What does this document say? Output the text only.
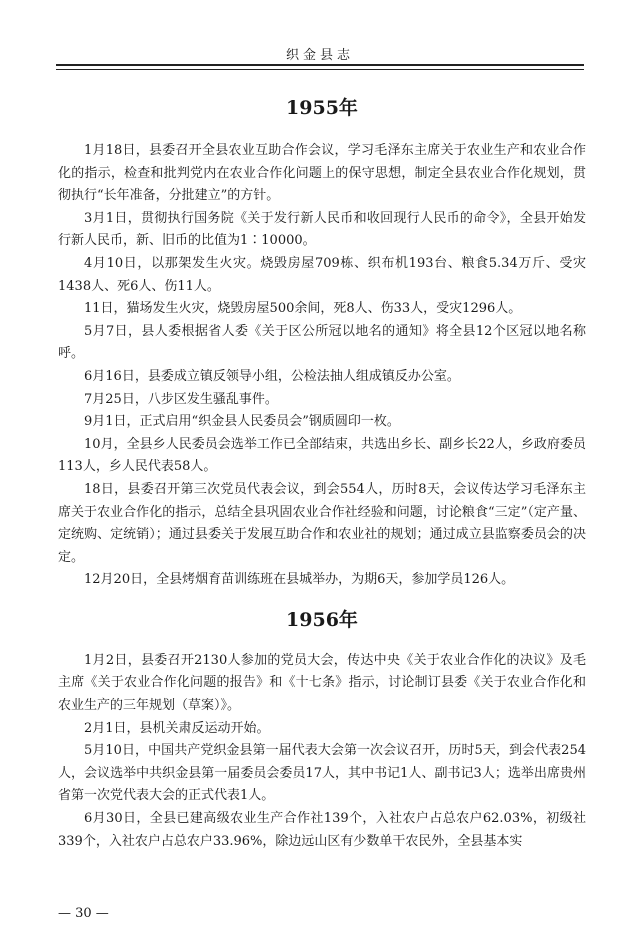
织金县志
1955年

1月18日，县委召开全县农业互助合作会议，学习毛泽东主席关于农业生产和农业合作化的指示，检查和批判党内在农业合作化问题上的保守思想，制定全县农业合作化规划，贯彻执行“长年准备，分批建立”的方针。

3月1日，贯彻执行国务院《关于发行新人民币和收回现行人民币的命令》，全县开始发行新人民币，新、旧币的比值为1∶10000。

4月10日，以那架发生火灾。烧毁房屋709栋、织布机193台、粮食5.34万斤、受灾1438人、死6人、伤11人。

11日，猫场发生火灾，烧毁房屋500余间，死8人、伤33人，受灾1296人。

5月7日，县人委根据省人委《关于区公所冠以地名的通知》将全县12个区冠以地名称呼。

6月16日，县委成立镇反领导小组，公检法抽人组成镇反办公室。

7月25日，八步区发生骚乱事件。

9月1日，正式启用“织金县人民委员会”钢质圆印一枚。

10月，全县乡人民委员会选举工作已全部结束，共选出乡长、副乡长22人，乡政府委员113人，乡人民代表58人。

18日，县委召开第三次党员代表会议，到会554人，历时8天，会议传达学习毛泽东主席关于农业合作化的指示，总结全县巩固农业合作社经验和问题，讨论粮食“三定”（定产量、定统购、定统销）；通过县委关于发展互助合作和农业社的规划；通过成立县监察委员会的决定。

12月20日，全县烤烟育苗训练班在县城举办，为期6天，参加学员126人。

1956年

1月2日，县委召开2130人参加的党员大会，传达中央《关于农业合作化的决议》及毛主席《关于农业合作化问题的报告》和《十七条》指示，讨论制订县委《关于农业合作化和农业生产的三年规划（草案）》。

2月1日，县机关肃反运动开始。

5月10日，中国共产党织金县第一届代表大会第一次会议召开，历时5天，到会代表254人，会议选举中共织金县第一届委员会委员17人，其中书记1人、副书记3人；选举出席贵州省第一次党代表大会的正式代表1人。

6月30日，全县已建高级农业生产合作社139个，入社农户占总农户62.03%，初级社339个，入社农户占总农户33.96%，除边远山区有少数单干农民外，全县基本实

— 30 —
